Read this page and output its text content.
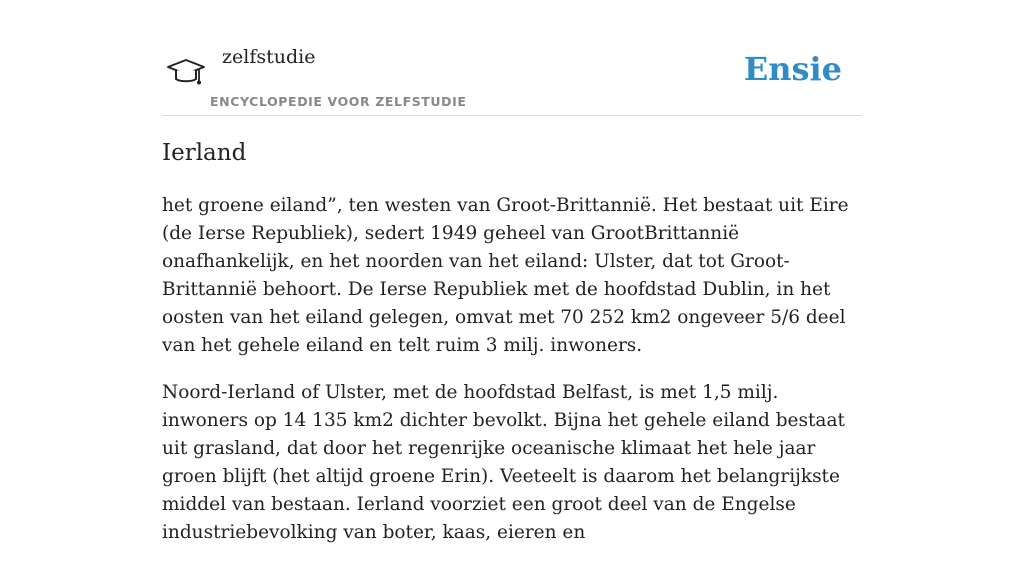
zelfstudie
ENCYCLOPEDIE VOOR ZELFSTUDIE
Ensie
Ierland

het groene eiland”, ten westen van Groot-Brittannië. Het bestaat uit Eire (de Ierse Republiek), sedert 1949 geheel van GrootBrittannië onafhankelijk, en het noorden van het eiland: Ulster, dat tot Groot-Brittannië behoort. De Ierse Republiek met de hoofdstad Dublin, in het oosten van het eiland gelegen, omvat met 70 252 km2 ongeveer 5/6 deel van het gehele eiland en telt ruim 3 milj. inwoners.

Noord-Ierland of Ulster, met de hoofdstad Belfast, is met 1,5 milj. inwoners op 14 135 km2 dichter bevolkt. Bijna het gehele eiland bestaat uit grasland, dat door het regenrijke oceanische klimaat het hele jaar groen blijft (het altijd groene Erin). Veeteelt is daarom het belangrijkste middel van bestaan. Ierland voorziet een groot deel van de Engelse industriebevolking van boter, kaas, eieren en
